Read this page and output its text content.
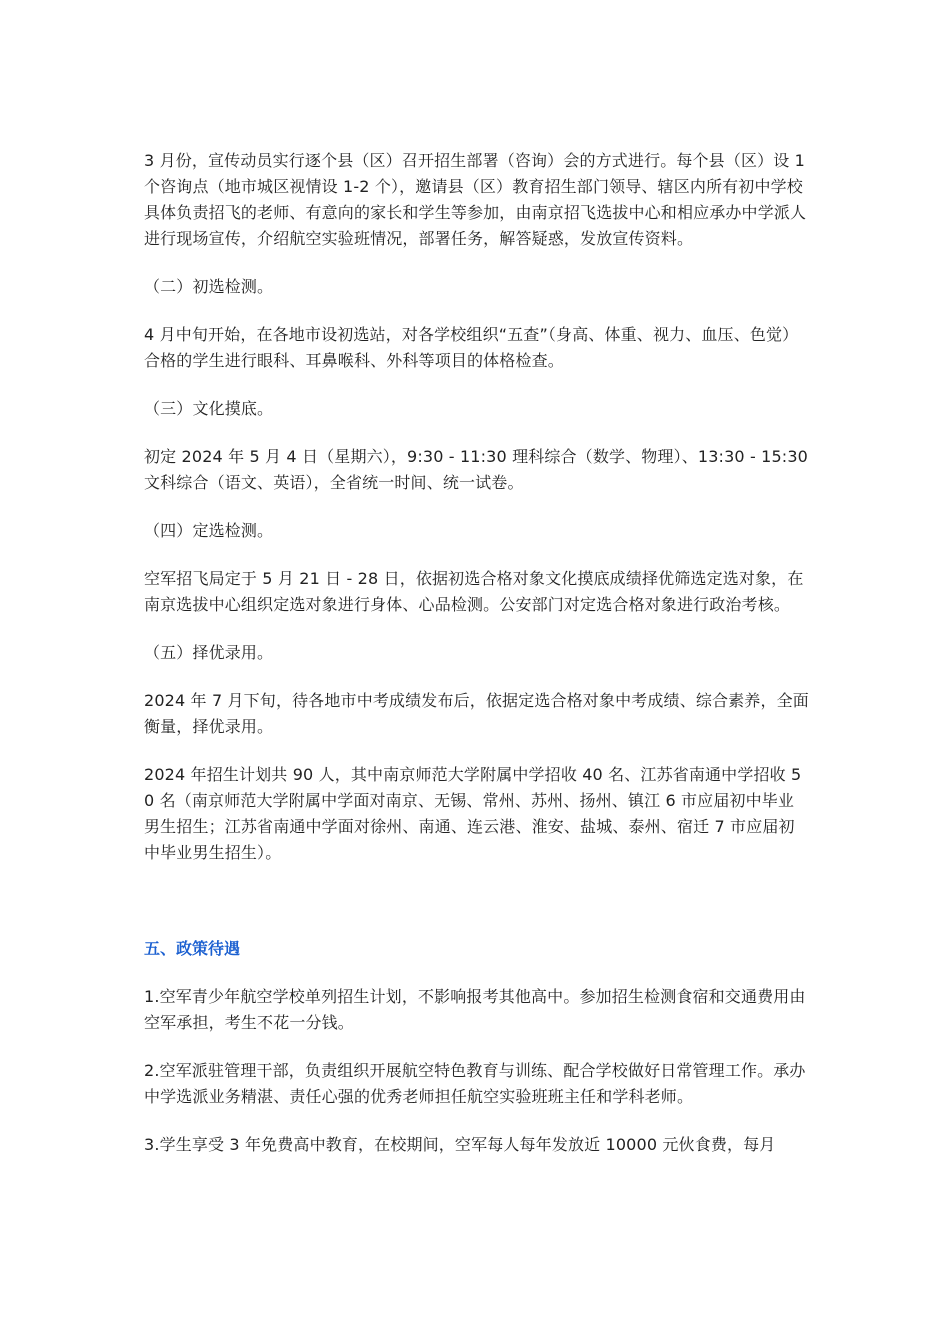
3 月份，宣传动员实行逐个县（区）召开招生部署（咨询）会的方式进行。每个县（区）设 1 个咨询点（地市城区视情设 1-2 个），邀请县（区）教育招生部门领导、辖区内所有初中学校具体负责招飞的老师、有意向的家长和学生等参加，由南京招飞选拔中心和相应承办中学派人进行现场宣传，介绍航空实验班情况，部署任务，解答疑惑，发放宣传资料。

（二）初选检测。

4 月中旬开始，在各地市设初选站，对各学校组织“五查”（身高、体重、视力、血压、色觉）合格的学生进行眼科、耳鼻喉科、外科等项目的体格检查。

（三）文化摸底。

初定 2024 年 5 月 4 日（星期六），9:30 - 11:30 理科综合（数学、物理）、13:30 - 15:30 文科综合（语文、英语），全省统一时间、统一试卷。

（四）定选检测。

空军招飞局定于 5 月 21 日 - 28 日，依据初选合格对象文化摸底成绩择优筛选定选对象，在南京选拔中心组织定选对象进行身体、心品检测。公安部门对定选合格对象进行政治考核。

（五）择优录用。

2024 年 7 月下旬，待各地市中考成绩发布后，依据定选合格对象中考成绩、综合素养，全面衡量，择优录用。

2024 年招生计划共 90 人，其中南京师范大学附属中学招收 40 名、江苏省南通中学招收 50 名（南京师范大学附属中学面对南京、无锡、常州、苏州、扬州、镇江 6 市应届初中毕业男生招生；江苏省南通中学面对徐州、南通、连云港、淮安、盐城、泰州、宿迁 7 市应届初中毕业男生招生）。

五、政策待遇

1.空军青少年航空学校单列招生计划，不影响报考其他高中。参加招生检测食宿和交通费用由空军承担，考生不花一分钱。

2.空军派驻管理干部，负责组织开展航空特色教育与训练、配合学校做好日常管理工作。承办中学选派业务精湛、责任心强的优秀老师担任航空实验班班主任和学科老师。

3.学生享受 3 年免费高中教育，在校期间，空军每人每年发放近 10000 元伙食费，每月
